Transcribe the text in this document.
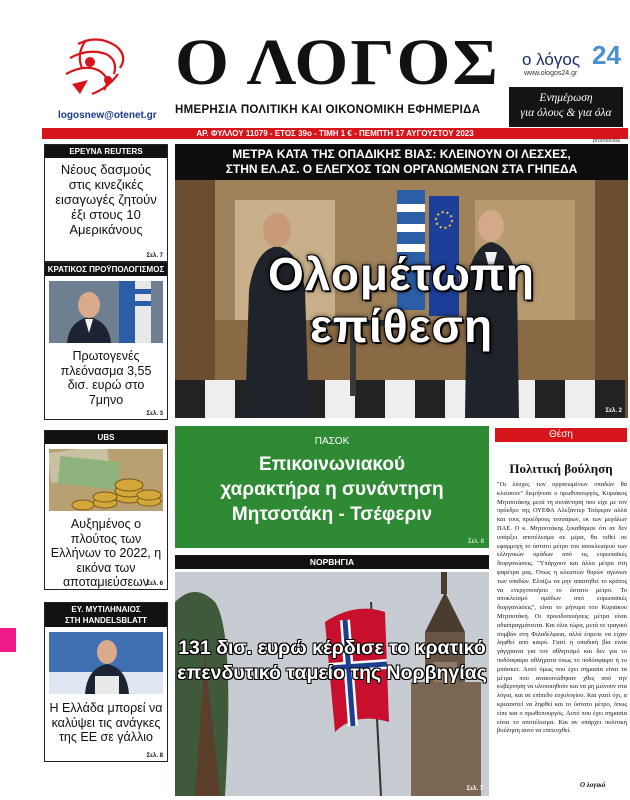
logosnew@otenet.gr
Ο ΛΟΓΟΣ
ΗΜΕΡΗΣΙΑ ΠΟΛΙΤΙΚΗ ΚΑΙ ΟΙΚΟΝΟΜΙΚΗ ΕΦΗΜΕΡΙΔΑ
ο λόγος 24
www.ologos24.gr
Ενημέρωση
για όλους & για όλα
ΑΡ. ΦΥΛΛΟΥ 11079 - ΕΤΟΣ 39ο - ΤΙΜΗ 1 € - ΠΕΜΠΤΗ 17 ΑΥΓΟΥΣΤΟΥ 2023
protoselida
ΕΡΕΥΝΑ REUTERS
Νέους δασμούς στις κινεζικές εισαγωγές ζητούν έξι στους 10 Αμερικάνους
Σελ. 7
ΚΡΑΤΙΚΟΣ ΠΡΟΫΠΟΛΟΓΙΣΜΟΣ
Πρωτογενές πλεόνασμα 3,55 δισ. ευρώ στο 7μηνο
Σελ. 3
UBS
Αυξημένος ο πλούτος των Ελλήνων το 2022, η εικόνα των αποταμιεύσεων
Σελ. 6
ΕΥ. ΜΥΤΙΛΗΝΑΙΟΣ
ΣΤΗ HANDELSBLATT
Η Ελλάδα μπορεί να καλύψει τις ανάγκες της ΕΕ σε γάλλιο
Σελ. 8
ΜΕΤΡΑ ΚΑΤΑ ΤΗΣ ΟΠΑΔΙΚΗΣ ΒΙΑΣ: ΚΛΕΙΝΟΥΝ ΟΙ ΛΕΣΧΕΣ,
ΣΤΗΝ ΕΛ.ΑΣ. Ο ΕΛΕΓΧΟΣ ΤΩΝ ΟΡΓΑΝΩΜΕΝΩΝ ΣΤΑ ΓΗΠΕΔΑ
Ολομέτωπη
επίθεση
Σελ. 2
ΠΑΣΟΚ
Επικοινωνιακού
χαρακτήρα η συνάντηση
Μητσοτάκη - Τσέφεριν
Σελ. 8
ΝΟΡΒΗΓΙΑ
131 δισ. ευρώ κέρδισε το κρατικό
επενδυτικό ταμείο της Νορβηγίας
Σελ. 7
Θέση
Πολιτική βούληση
"Οι λέσχες των οργανωμένων οπαδών θα κλείσουν" διεμήνυσε ο πρωθυπουργός, Κυριάκος Μητσοτάκης μετά τη συνάντηση που είχε με τον πρόεδρο της ΟΥΕΦΑ Αλεξάντερ Τσέφεριν αλλά και τους προέδρους τεσσάρων, εκ των μεγάλων ΠΑΕ. Ο κ. Μητσοτάκης ξεκαθάρισε ότι αν δεν υπάρξει αποτέλεσμα σε μέρα, θα τεθεί σε εφαρμογή το ύστατο μέτρο του αποκλεισμού των ελληνικών ομάδων από τις ευρωπαϊκές διοργανώσεις. "Υπάρχουν και άλλα μέτρα στη φαρέτρα μας. Όπως η κλειστών θυρών αγώνων των οπαδών. Ελπίζω να μην απαιτηθεί το κράτος να ενεργοποιήσει το ύστατο μέτρο. Το αποκλεισμό ομάδων από ευρωπαϊκές διοργανώσεις", είναι το μήνυμα του Κυριάκου Μητσοτάκη. Οι προειδοποιήσεις μέτρα είναι αδιαπραγμάτευτα. Και όλοι τώρα, μετά το τραγικό συμβάν στη Φιλαδέλφεια, αλλά έπρεπε να είχαν ληφθεί από καιρό. Γιατί η οπαδική βία είναι γάγγραινα για τον αθλητισμό και δεν για το ποδόσφαιρο αθλήματα όπως το ποδόσφαιρο ή το μπάσκετ. Αυτό όμως που έχει σημασία είναι τα μέτρα που ανακοινώθηκαν χθες από την κυβέρνηση να υλοποιηθούν και να μη μείνουν στα λόγια, και σε επίπεδο ευχολογίου. Και γιατί όχι, α κρεασστεί να ληφθεί και το ύστατο μέτρο, όπως είπε και ο πρωθυπουργός. Αυτό που έχει σημασία είναι το αποτέλεσμα. Και αν υπάρχει πολιτική βούληση αυτό να επιτευχθεί.
Ο λογικό
